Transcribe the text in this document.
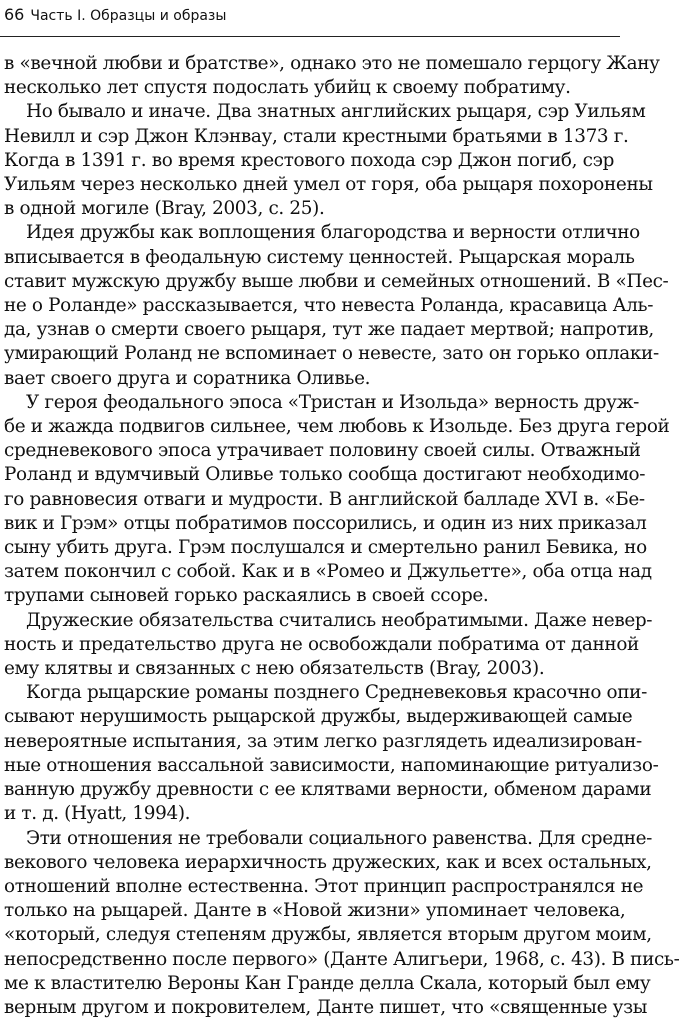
66 Часть I. Образцы и образы

в «вечной любви и братстве», однако это не помешало герцогу Жану
несколько лет спустя подослать убийц к своему побратиму.

Но бывало и иначе. Два знатных английских рыцаря, сэр Уильям
Невилл и сэр Джон Клэнвау, стали крестными братьями в 1373 г.
Когда в 1391 г. во время крестового похода сэр Джон погиб, сэр
Уильям через несколько дней умел от горя, оба рыцаря похоронены
в одной могиле (Bray, 2003, с. 25).

Идея дружбы как воплощения благородства и верности отлично
вписывается в феодальную систему ценностей. Рыцарская мораль
ставит мужскую дружбу выше любви и семейных отношений. В «Пес-
не о Роланде» рассказывается, что невеста Роланда, красавица Аль-
да, узнав о смерти своего рыцаря, тут же падает мертвой; напротив,
умирающий Роланд не вспоминает о невесте, зато он горько оплаки-
вает своего друга и соратника Оливье.

У героя феодального эпоса «Тристан и Изольда» верность друж-
бе и жажда подвигов сильнее, чем любовь к Изольде. Без друга герой
средневекового эпоса утрачивает половину своей силы. Отважный
Роланд и вдумчивый Оливье только сообща достигают необходимо-
го равновесия отваги и мудрости. В английской балладе XVI в. «Бе-
вик и Грэм» отцы побратимов поссорились, и один из них приказал
сыну убить друга. Грэм послушался и смертельно ранил Бевика, но
затем покончил с собой. Как и в «Ромео и Джульетте», оба отца над
трупами сыновей горько раскаялись в своей ссоре.

Дружеские обязательства считались необратимыми. Даже невер-
ность и предательство друга не освобождали побратима от данной
ему клятвы и связанных с нею обязательств (Bray, 2003).

Когда рыцарские романы позднего Средневековья красочно опи-
сывают нерушимость рыцарской дружбы, выдерживающей самые
невероятные испытания, за этим легко разглядеть идеализирован-
ные отношения вассальной зависимости, напоминающие ритуализо-
ванную дружбу древности с ее клятвами верности, обменом дарами
и т. д. (Hyatt, 1994).

Эти отношения не требовали социального равенства. Для средне-
векового человека иерархичность дружеских, как и всех остальных,
отношений вполне естественна. Этот принцип распространялся не
только на рыцарей. Данте в «Новой жизни» упоминает человека,
«который, следуя степеням дружбы, является вторым другом моим,
непосредственно после первого» (Данте Алигьери, 1968, с. 43). В пись-
ме к властителю Вероны Кан Гранде делла Скала, который был ему
верным другом и покровителем, Данте пишет, что «священные узы
